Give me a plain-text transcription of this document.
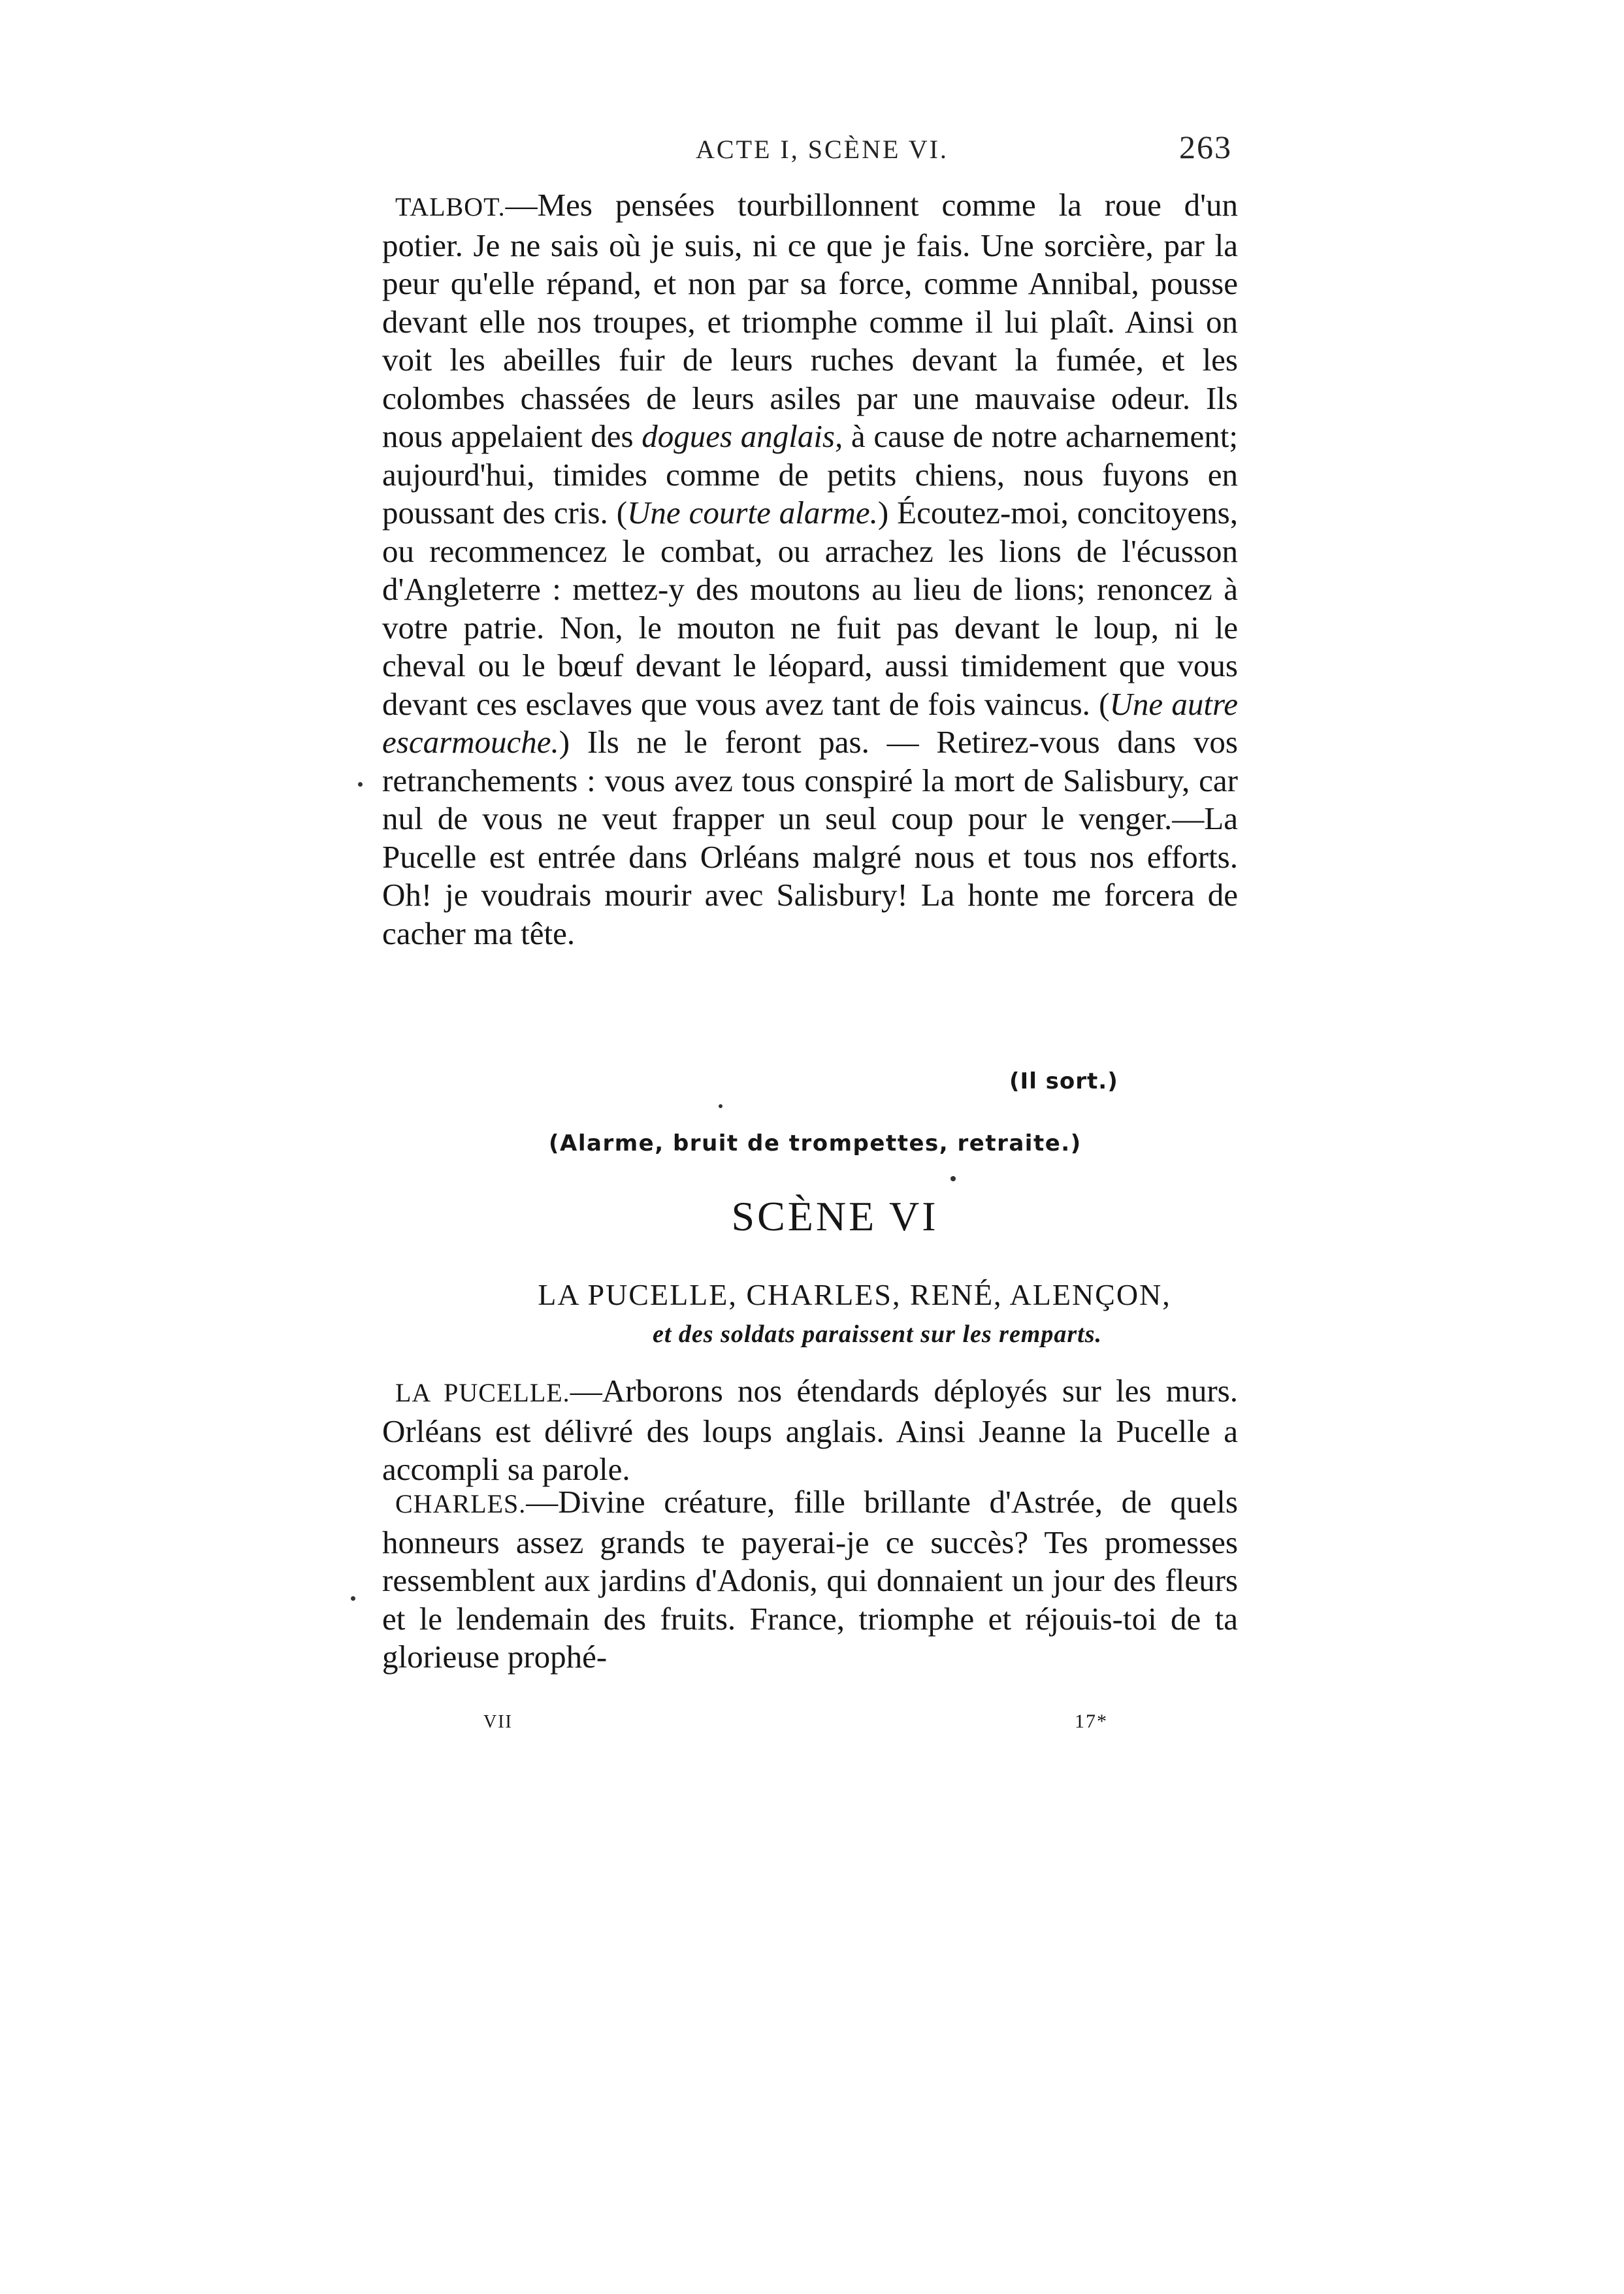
ACTE I, SCÈNE VI.	263

TALBOT.—Mes pensées tourbillonnent comme la roue d'un potier. Je ne sais où je suis, ni ce que je fais. Une sorcière, par la peur qu'elle répand, et non par sa force, comme Annibal, pousse devant elle nos troupes, et triomphe comme il lui plaît. Ainsi on voit les abeilles fuir de leurs ruches devant la fumée, et les colombes chassées de leurs asiles par une mauvaise odeur. Ils nous appelaient des dogues anglais, à cause de notre acharnement; aujourd'hui, timides comme de petits chiens, nous fuyons en poussant des cris. (Une courte alarme.) Écoutez-moi, concitoyens, ou recommencez le combat, ou arrachez les lions de l'écusson d'Angleterre : mettez-y des moutons au lieu de lions; renoncez à votre patrie. Non, le mouton ne fuit pas devant le loup, ni le cheval ou le bœuf devant le léopard, aussi timidement que vous devant ces esclaves que vous avez tant de fois vaincus. (Une autre escarmouche.) Ils ne le feront pas. — Retirez-vous dans vos retranchements : vous avez tous conspiré la mort de Salisbury, car nul de vous ne veut frapper un seul coup pour le venger.—La Pucelle est entrée dans Orléans malgré nous et tous nos efforts. Oh! je voudrais mourir avec Salisbury! La honte me forcera de cacher ma tête.

(Il sort.)
(Alarme, bruit de trompettes, retraite.)
SCÈNE VI
LA PUCELLE, CHARLES, RENÉ, ALENÇON,
et des soldats paraissent sur les remparts.

LA PUCELLE.—Arborons nos étendards déployés sur les murs. Orléans est délivré des loups anglais. Ainsi Jeanne la Pucelle a accompli sa parole.

CHARLES.—Divine créature, fille brillante d'Astrée, de quels honneurs assez grands te payerai-je ce succès? Tes promesses ressemblent aux jardins d'Adonis, qui donnaient un jour des fleurs et le lendemain des fruits. France, triomphe et réjouis-toi de ta glorieuse prophé-

VII	17*
